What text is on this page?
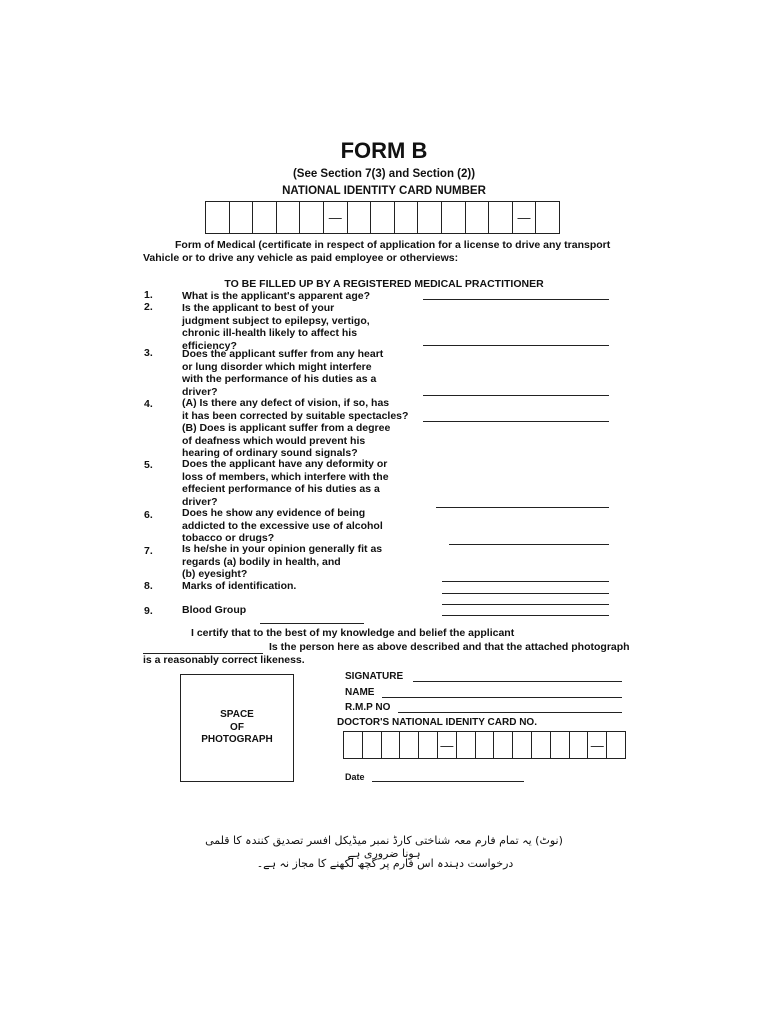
FORM B
(See Section 7(3) and Section (2))
NATIONAL IDENTITY CARD NUMBER
—	—
Form of Medical (certificate in respect of application for a license to drive any transport Vahicle or to drive any vehicle as paid employee or otherviews:
TO BE FILLED UP BY A REGISTERED MEDICAL PRACTITIONER
1.	What is the applicant's apparent age?
2.	Is the applicant to best of your
judgment subject to epilepsy, vertigo,
chronic ill-health likely to affect his
efficiency?
3.	Does the applicant suffer from any heart
or lung disorder which might interfere
with the performance of his duties as a
driver?
4.	(A) Is there any defect of vision, if so, has
it has been corrected by suitable spectacles?
(B) Does is applicant suffer from a degree
of deafness which would prevent his
hearing of ordinary sound signals?
5.	Does the applicant have any deformity or
loss of members, which interfere with the
effecient performance of his duties as a
driver?
6.	Does he show any evidence of being
addicted to the excessive use of alcohol
tobacco or drugs?
7.	Is he/she in your opinion generally fit as
regards (a) bodily in health, and
(b) eyesight?
8.	Marks of identification.
9.	Blood Group
I certify that to the best of my knowledge and belief the applicant
Is the person here as above described and that the attached photograph
is a reasonably correct likeness.
SPACE
OF
PHOTOGRAPH
SIGNATURE
NAME
R.M.P NO
DOCTOR'S NATIONAL IDENITY CARD NO.
—	—
Date
(نوٹ) یہ تمام فارم معہ شناختی کارڈ نمبر میڈیکل افسر تصدیق کنندہ کا قلمی ہونا ضروری ہے
درخواست دہندہ اس فارم پر کچھ لکھنے کا مجاز نہ ہے۔
